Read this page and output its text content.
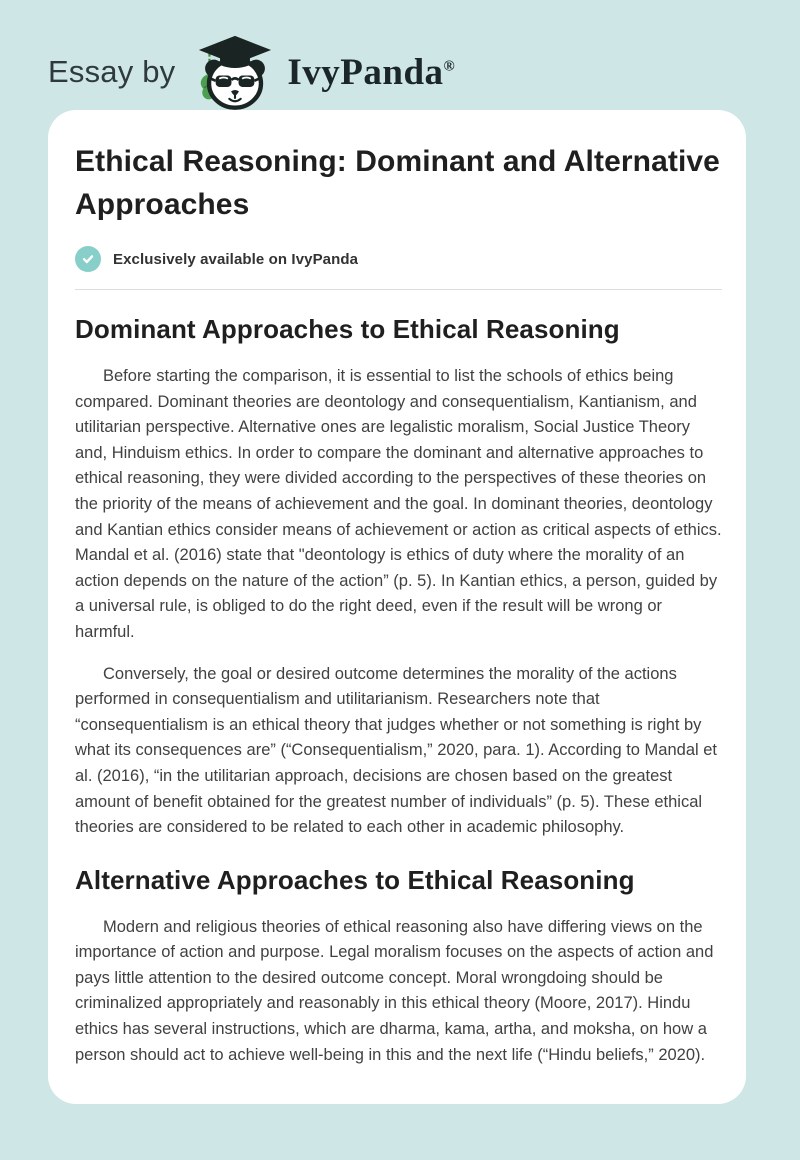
Essay by	IvyPanda®
Ethical Reasoning: Dominant and Alternative Approaches
Exclusively available on IvyPanda
Dominant Approaches to Ethical Reasoning

Before starting the comparison, it is essential to list the schools of ethics being compared. Dominant theories are deontology and consequentialism, Kantianism, and utilitarian perspective. Alternative ones are legalistic moralism, Social Justice Theory and, Hinduism ethics. In order to compare the dominant and alternative approaches to ethical reasoning, they were divided according to the perspectives of these theories on the priority of the means of achievement and the goal. In dominant theories, deontology and Kantian ethics consider means of achievement or action as critical aspects of ethics. Mandal et al. (2016) state that "deontology is ethics of duty where the morality of an action depends on the nature of the action” (p. 5). In Kantian ethics, a person, guided by a universal rule, is obliged to do the right deed, even if the result will be wrong or harmful.

Conversely, the goal or desired outcome determines the morality of the actions performed in consequentialism and utilitarianism. Researchers note that “consequentialism is an ethical theory that judges whether or not something is right by what its consequences are” (“Consequentialism,” 2020, para. 1). According to Mandal et al. (2016), “in the utilitarian approach, decisions are chosen based on the greatest amount of benefit obtained for the greatest number of individuals” (p. 5). These ethical theories are considered to be related to each other in academic philosophy.

Alternative Approaches to Ethical Reasoning

Modern and religious theories of ethical reasoning also have differing views on the importance of action and purpose. Legal moralism focuses on the aspects of action and pays little attention to the desired outcome concept. Moral wrongdoing should be criminalized appropriately and reasonably in this ethical theory (Moore, 2017). Hindu ethics has several instructions, which are dharma, kama, artha, and moksha, on how a person should act to achieve well-being in this and the next life (“Hindu beliefs,” 2020).
